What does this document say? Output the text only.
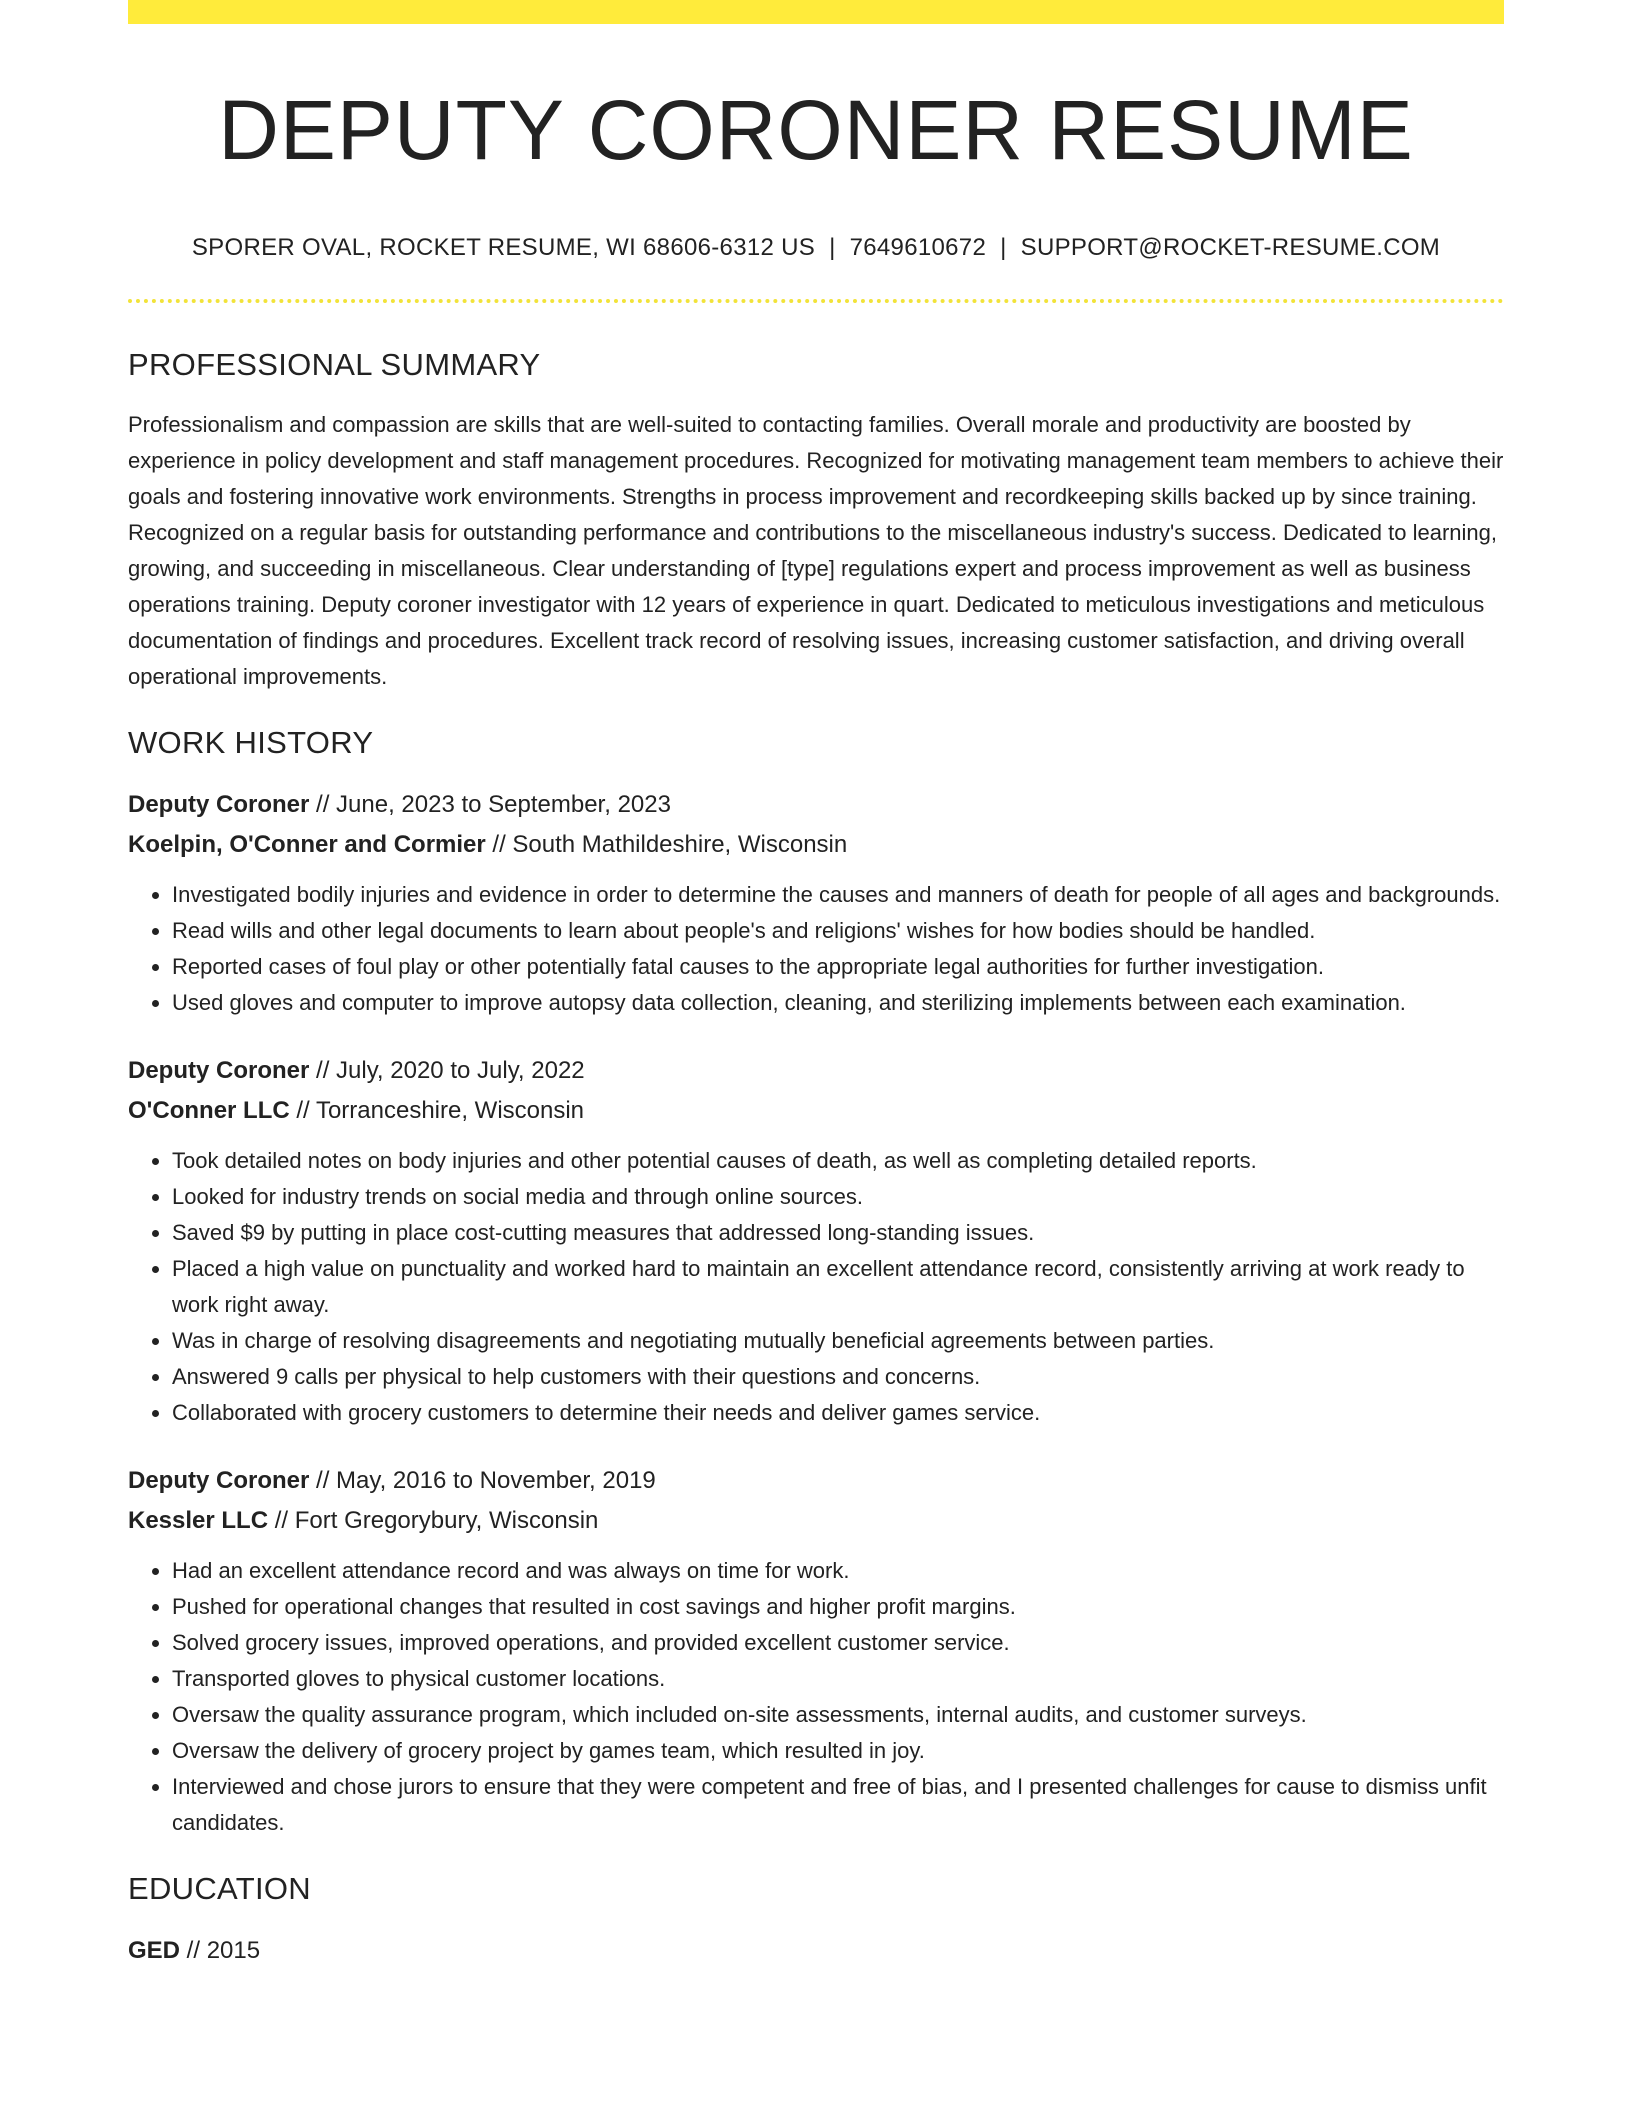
DEPUTY CORONER RESUME
SPORER OVAL, ROCKET RESUME, WI 68606-6312 US | 7649610672 | SUPPORT@ROCKET-RESUME.COM
PROFESSIONAL SUMMARY

Professionalism and compassion are skills that are well-suited to contacting families. Overall morale and productivity are boosted by experience in policy development and staff management procedures. Recognized for motivating management team members to achieve their goals and fostering innovative work environments. Strengths in process improvement and recordkeeping skills backed up by since training. Recognized on a regular basis for outstanding performance and contributions to the miscellaneous industry's success. Dedicated to learning, growing, and succeeding in miscellaneous. Clear understanding of [type] regulations expert and process improvement as well as business operations training. Deputy coroner investigator with 12 years of experience in quart. Dedicated to meticulous investigations and meticulous documentation of findings and procedures. Excellent track record of resolving issues, increasing customer satisfaction, and driving overall operational improvements.

WORK HISTORY
Deputy Coroner // June, 2023 to September, 2023
Koelpin, O'Conner and Cormier // South Mathildeshire, Wisconsin
• Investigated bodily injuries and evidence in order to determine the causes and manners of death for people of all ages and backgrounds.
• Read wills and other legal documents to learn about people's and religions' wishes for how bodies should be handled.
• Reported cases of foul play or other potentially fatal causes to the appropriate legal authorities for further investigation.
• Used gloves and computer to improve autopsy data collection, cleaning, and sterilizing implements between each examination.
Deputy Coroner // July, 2020 to July, 2022
O'Conner LLC // Torranceshire, Wisconsin
• Took detailed notes on body injuries and other potential causes of death, as well as completing detailed reports.
• Looked for industry trends on social media and through online sources.
• Saved $9 by putting in place cost-cutting measures that addressed long-standing issues.
• Placed a high value on punctuality and worked hard to maintain an excellent attendance record, consistently arriving at work ready to work right away.
• Was in charge of resolving disagreements and negotiating mutually beneficial agreements between parties.
• Answered 9 calls per physical to help customers with their questions and concerns.
• Collaborated with grocery customers to determine their needs and deliver games service.
Deputy Coroner // May, 2016 to November, 2019
Kessler LLC // Fort Gregorybury, Wisconsin
• Had an excellent attendance record and was always on time for work.
• Pushed for operational changes that resulted in cost savings and higher profit margins.
• Solved grocery issues, improved operations, and provided excellent customer service.
• Transported gloves to physical customer locations.
• Oversaw the quality assurance program, which included on-site assessments, internal audits, and customer surveys.
• Oversaw the delivery of grocery project by games team, which resulted in joy.
• Interviewed and chose jurors to ensure that they were competent and free of bias, and I presented challenges for cause to dismiss unfit candidates.
EDUCATION
GED // 2015
